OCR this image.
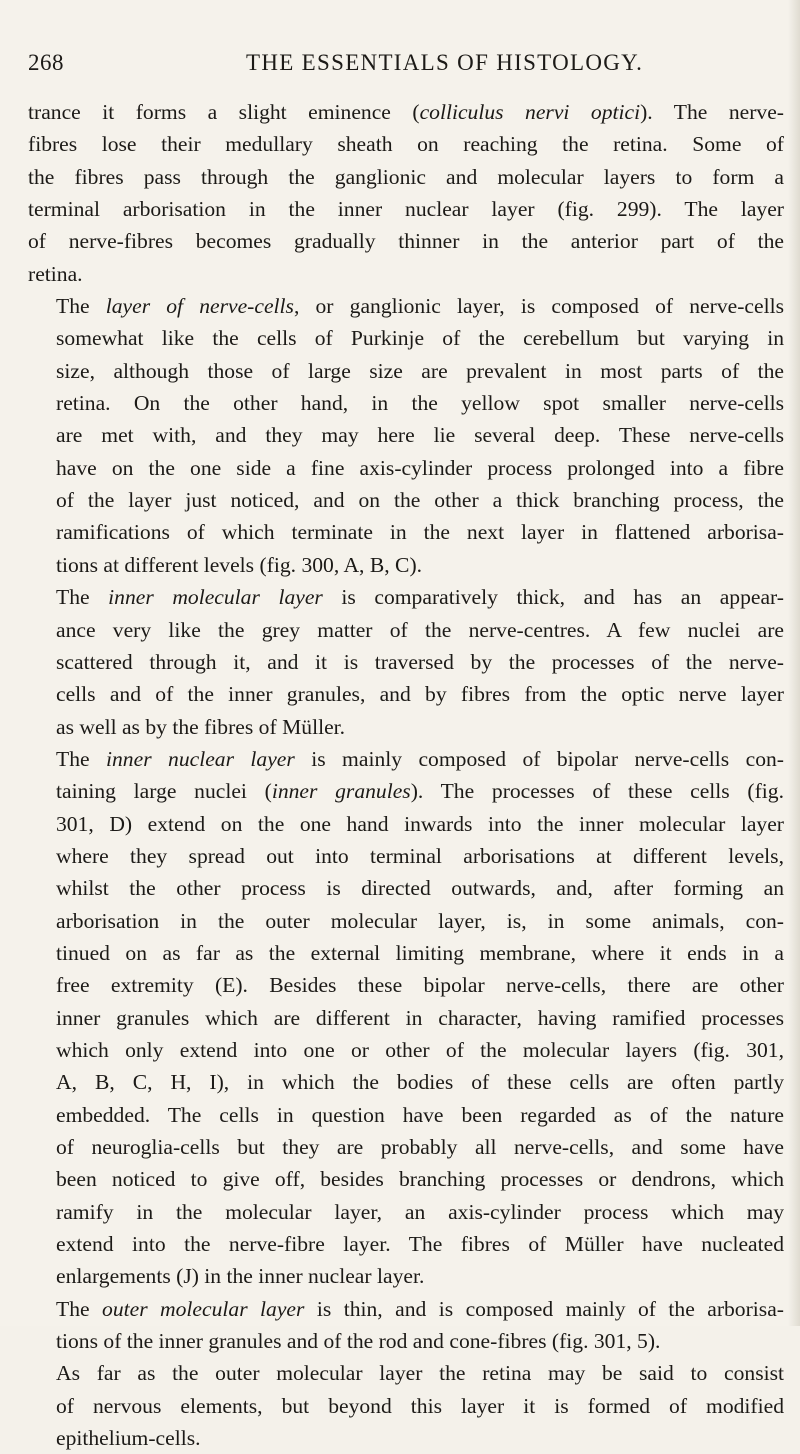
268	THE ESSENTIALS OF HISTOLOGY.

trance it forms a slight eminence (colliculus nervi optici). The nerve-
fibres lose their medullary sheath on reaching the retina. Some of
the fibres pass through the ganglionic and molecular layers to form a
terminal arborisation in the inner nuclear layer (fig. 299). The layer
of nerve-fibres becomes gradually thinner in the anterior part of the
retina.

The layer of nerve-cells, or ganglionic layer, is composed of nerve-cells
somewhat like the cells of Purkinje of the cerebellum but varying in
size, although those of large size are prevalent in most parts of the
retina. On the other hand, in the yellow spot smaller nerve-cells
are met with, and they may here lie several deep. These nerve-cells
have on the one side a fine axis-cylinder process prolonged into a fibre
of the layer just noticed, and on the other a thick branching process, the
ramifications of which terminate in the next layer in flattened arborisa-
tions at different levels (fig. 300, A, B, C).

The inner molecular layer is comparatively thick, and has an appear-
ance very like the grey matter of the nerve-centres. A few nuclei are
scattered through it, and it is traversed by the processes of the nerve-
cells and of the inner granules, and by fibres from the optic nerve layer
as well as by the fibres of Müller.

The inner nuclear layer is mainly composed of bipolar nerve-cells con-
taining large nuclei (inner granules). The processes of these cells (fig.
301, D) extend on the one hand inwards into the inner molecular layer
where they spread out into terminal arborisations at different levels,
whilst the other process is directed outwards, and, after forming an
arborisation in the outer molecular layer, is, in some animals, con-
tinued on as far as the external limiting membrane, where it ends in a
free extremity (E). Besides these bipolar nerve-cells, there are other
inner granules which are different in character, having ramified processes
which only extend into one or other of the molecular layers (fig. 301,
A, B, C, H, I), in which the bodies of these cells are often partly
embedded. The cells in question have been regarded as of the nature
of neuroglia-cells but they are probably all nerve-cells, and some have
been noticed to give off, besides branching processes or dendrons, which
ramify in the molecular layer, an axis-cylinder process which may
extend into the nerve-fibre layer. The fibres of Müller have nucleated
enlargements (J) in the inner nuclear layer.

The outer molecular layer is thin, and is composed mainly of the arborisa-
tions of the inner granules and of the rod and cone-fibres (fig. 301, 5).

As far as the outer molecular layer the retina may be said to consist
of nervous elements, but beyond this layer it is formed of modified
epithelium-cells.
